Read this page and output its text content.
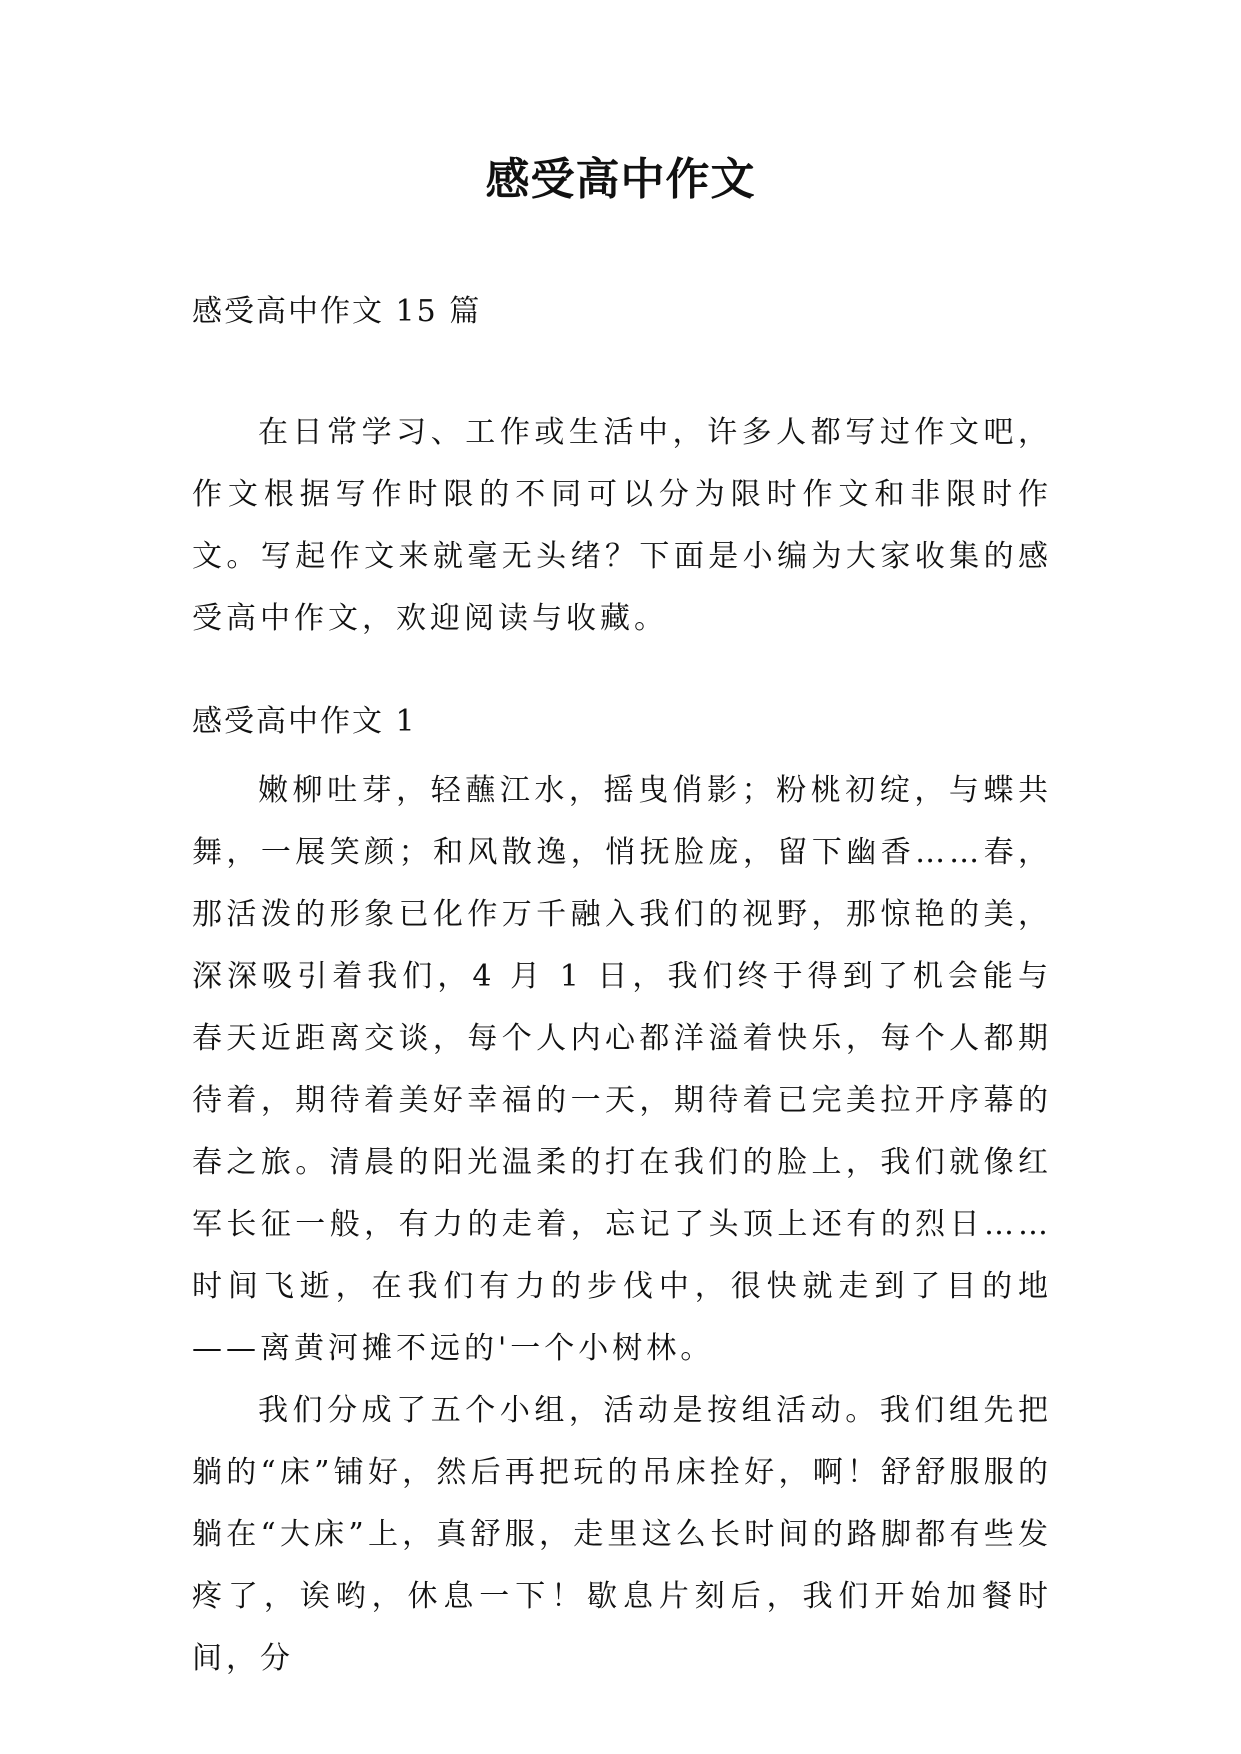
感受高中作文
感受高中作文 15 篇

在日常学习、工作或生活中，许多人都写过作文吧，作文根据写作时限的不同可以分为限时作文和非限时作文。写起作文来就毫无头绪？下面是小编为大家收集的感受高中作文，欢迎阅读与收藏。

感受高中作文 1

嫩柳吐芽，轻蘸江水，摇曳俏影；粉桃初绽，与蝶共舞，一展笑颜；和风散逸，悄抚脸庞，留下幽香……春，那活泼的形象已化作万千融入我们的视野，那惊艳的美，深深吸引着我们，4 月 1 日，我们终于得到了机会能与春天近距离交谈，每个人内心都洋溢着快乐，每个人都期待着，期待着美好幸福的一天，期待着已完美拉开序幕的春之旅。清晨的阳光温柔的打在我们的脸上，我们就像红军长征一般，有力的走着，忘记了头顶上还有的烈日……时间飞逝，在我们有力的步伐中，很快就走到了目的地——离黄河摊不远的'一个小树林。

我们分成了五个小组，活动是按组活动。我们组先把躺的“床”铺好，然后再把玩的吊床拴好，啊！舒舒服服的躺在“大床”上，真舒服，走里这么长时间的路脚都有些发疼了，诶哟，休息一下！歇息片刻后，我们开始加餐时间，分
